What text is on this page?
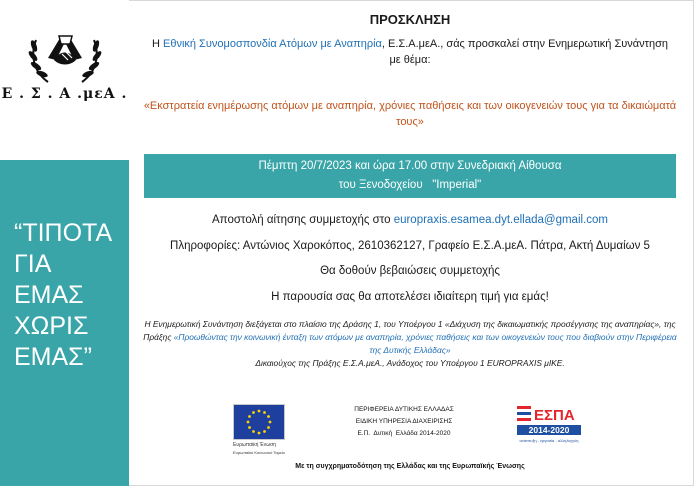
Ε . Σ . Α .μεΑ .
“ΤΙΠΟΤΑ
ΓΙΑ
ΕΜΑΣ
ΧΩΡΙΣ
ΕΜΑΣ”
ΠΡΟΣΚΛΗΣΗ
Η Εθνική Συνομοσπονδία Ατόμων με Αναπηρία, Ε.Σ.Α.μεΑ., σάς προσκαλεί στην Ενημερωτική Συνάντηση με θέμα:
«Εκστρατεία ενημέρωσης ατόμων με αναπηρία, χρόνιες παθήσεις και των οικογενειών τους για τα δικαιώματά τους»
Πέμπτη 20/7/2023 και ώρα 17.00 στην Συνεδριακή Αίθουσα
του Ξενοδοχείου   "Imperial"
Αποστολή αίτησης συμμετοχής στο europraxis.esamea.dyt.ellada@gmail.com
Πληροφορίες: Αντώνιος Χαροκόπος, 2610362127, Γραφείο Ε.Σ.Α.μεΑ. Πάτρα, Ακτή Δυμαίων 5
Θα δοθούν βεβαιώσεις συμμετοχής
Η παρουσία σας θα αποτελέσει ιδιαίτερη τιμή για εμάς!
Η Ενημερωτική Συνάντηση διεξάγεται στο πλαίσιο της Δράσης 1, του Υποέργου 1 «Διάχυση της δικαιωματικής προσέγγισης της αναπηρίας», της Πράξης «Προωθώντας την κοινωνική ένταξη των ατόμων με αναπηρία, χρόνιες παθήσεις και των οικογενειών τους που διαβιούν στην Περιφέρεια της Δυτικής Ελλάδας»
Δικαιούχος της Πράξης Ε.Σ.Α.μεΑ., Ανάδοχος του Υποέργου 1 EUROPRAXIS μΙΚΕ.
Ευρωπαϊκή Ένωση
Ευρωπαϊκό Κοινωνικό Ταμείο
ΠΕΡΙΦΕΡΕΙΑ ΔΥΤΙΚΗΣ ΕΛΛΑΔΑΣ
ΕΙΔΙΚΗ ΥΠΗΡΕΣΙΑ ΔΙΑΧΕΙΡΙΣΗΣ
Ε.Π.  Δυτική  Ελλάδα 2014-2020
ΕΣΠΑ
2014-2020
ανάπτυξη - εργασία - αλληλεγγύη
Με τη συγχρηματοδότηση της Ελλάδας και της Ευρωπαϊκής Ένωσης
